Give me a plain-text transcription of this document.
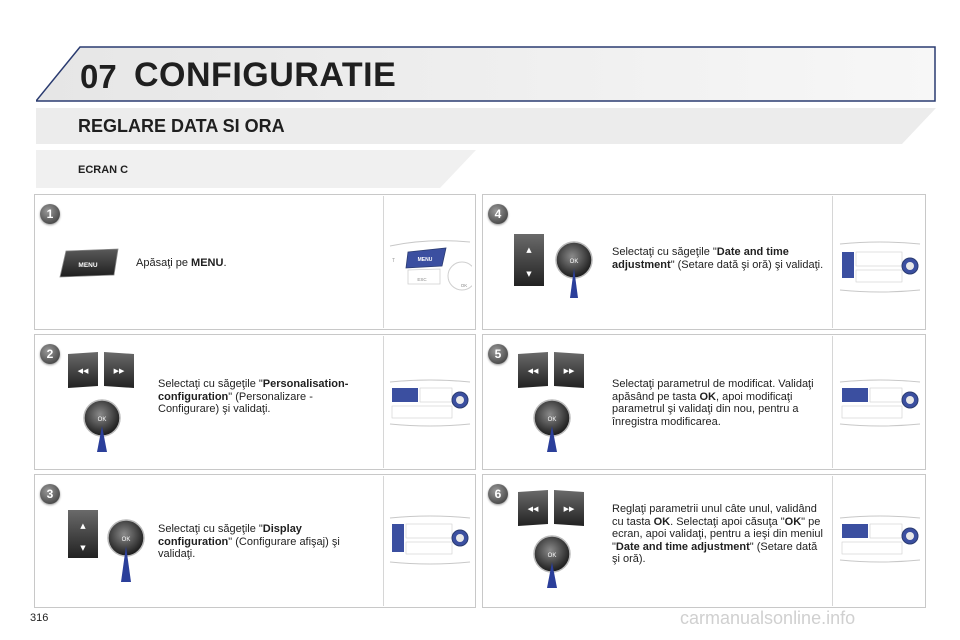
07 CONFIGURATIE
REGLARE DATA SI ORA
ECRAN C
1
MENU	Apăsaţi pe MENU.	T	MENU
ESC
OK
2
◀◀	▶▶
OK
Selectaţi cu săgeţile "Personalisation-configuration" (Personalizare - Configurare) şi validaţi.
3
▲
▼
OK
Selectaţi cu săgeţile "Display configuration" (Configurare afişaj) şi validaţi.
4
▲
▼
OK
Selectaţi cu săgeţile "Date and time adjustment" (Setare dată şi oră) şi validaţi.
5
◀◀	▶▶
OK
Selectaţi parametrul de modificat. Validaţi apăsând pe tasta OK, apoi modificaţi parametrul şi validaţi din nou, pentru a înregistra modificarea.
6
◀◀	▶▶
OK
Reglaţi parametrii unul câte unul, validând cu tasta OK. Selectaţi apoi căsuţa "OK" pe ecran, apoi validaţi, pentru a ieşi din meniul "Date and time adjustment" (Setare dată şi oră).
316	carmanualsonline.info
